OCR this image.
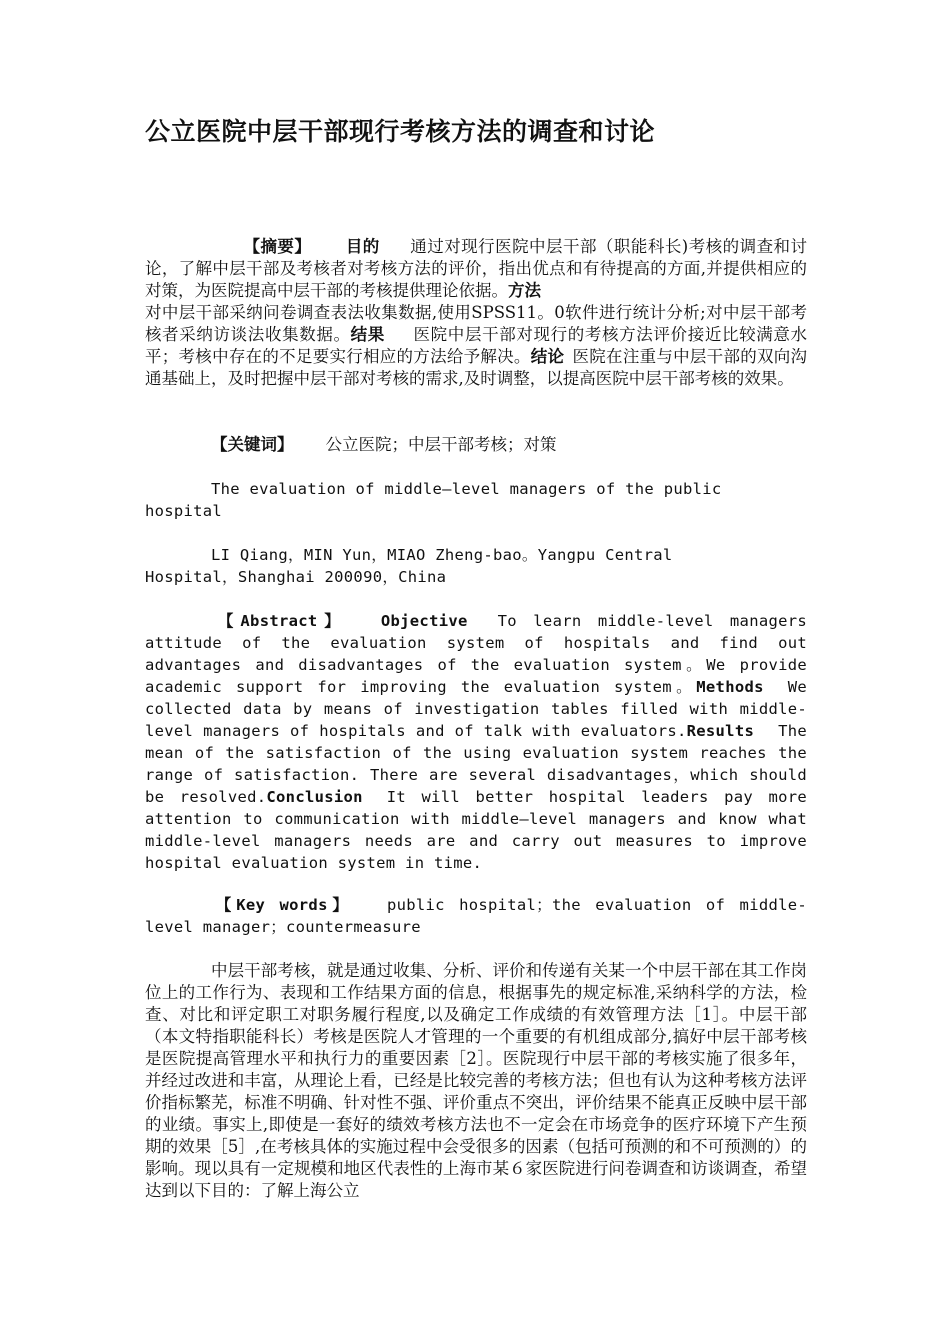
公立医院中层干部现行考核方法的调查和讨论

【摘要】 目的 通过对现行医院中层干部（职能科长)考核的调查和讨论，了解中层干部及考核者对考核方法的评价，指出优点和有待提高的方面,并提供相应的对策，为医院提高中层干部的考核提供理论依据。方法
对中层干部采纳问卷调查表法收集数据,使用SPSS11。0软件进行统计分析;对中层干部考核者采纳访谈法收集数据。结果 医院中层干部对现行的考核方法评价接近比较满意水平；考核中存在的不足要实行相应的方法给予解决。结论 医院在注重与中层干部的双向沟通基础上，及时把握中层干部对考核的需求,及时调整，以提高医院中层干部考核的效果。

【关键词】 公立医院；中层干部考核；对策

The evaluation of middle—level managers of the public hospital

LI Qiang，MIN Yun，MIAO Zheng-bao。Yangpu Central Hospital，Shanghai 200090，China

【Abstract】 Objective To learn middle-level managers attitude of the evaluation system of hospitals and find out advantages and disadvantages of the evaluation system。We provide academic support for improving the evaluation system。Methods We collected data by means of investigation tables filled with middle-level managers of hospitals and of talk with evaluators.Results The mean of the satisfaction of the using evaluation system reaches the range of satisfaction. There are several disadvantages，which should be resolved.Conclusion It will better hospital leaders pay more attention to communication with middle—level managers and know what middle-level managers needs are and carry out measures to improve hospital evaluation system in time.

【Key words】 public hospital；the evaluation of middle-level manager；countermeasure

中层干部考核，就是通过收集、分析、评价和传递有关某一个中层干部在其工作岗位上的工作行为、表现和工作结果方面的信息，根据事先的规定标准,采纳科学的方法，检查、对比和评定职工对职务履行程度,以及确定工作成绩的有效管理方法［1］。中层干部（本文特指职能科长）考核是医院人才管理的一个重要的有机组成部分,搞好中层干部考核是医院提高管理水平和执行力的重要因素［2］。医院现行中层干部的考核实施了很多年，并经过改进和丰富，从理论上看，已经是比较完善的考核方法；但也有认为这种考核方法评价指标繁芜，标准不明确、针对性不强、评价重点不突出，评价结果不能真正反映中层干部的业绩。事实上,即使是一套好的绩效考核方法也不一定会在市场竞争的医疗环境下产生预期的效果［5］,在考核具体的实施过程中会受很多的因素（包括可预测的和不可预测的）的影响。现以具有一定规模和地区代表性的上海市某６家医院进行问卷调查和访谈调查，希望达到以下目的：了解上海公立
